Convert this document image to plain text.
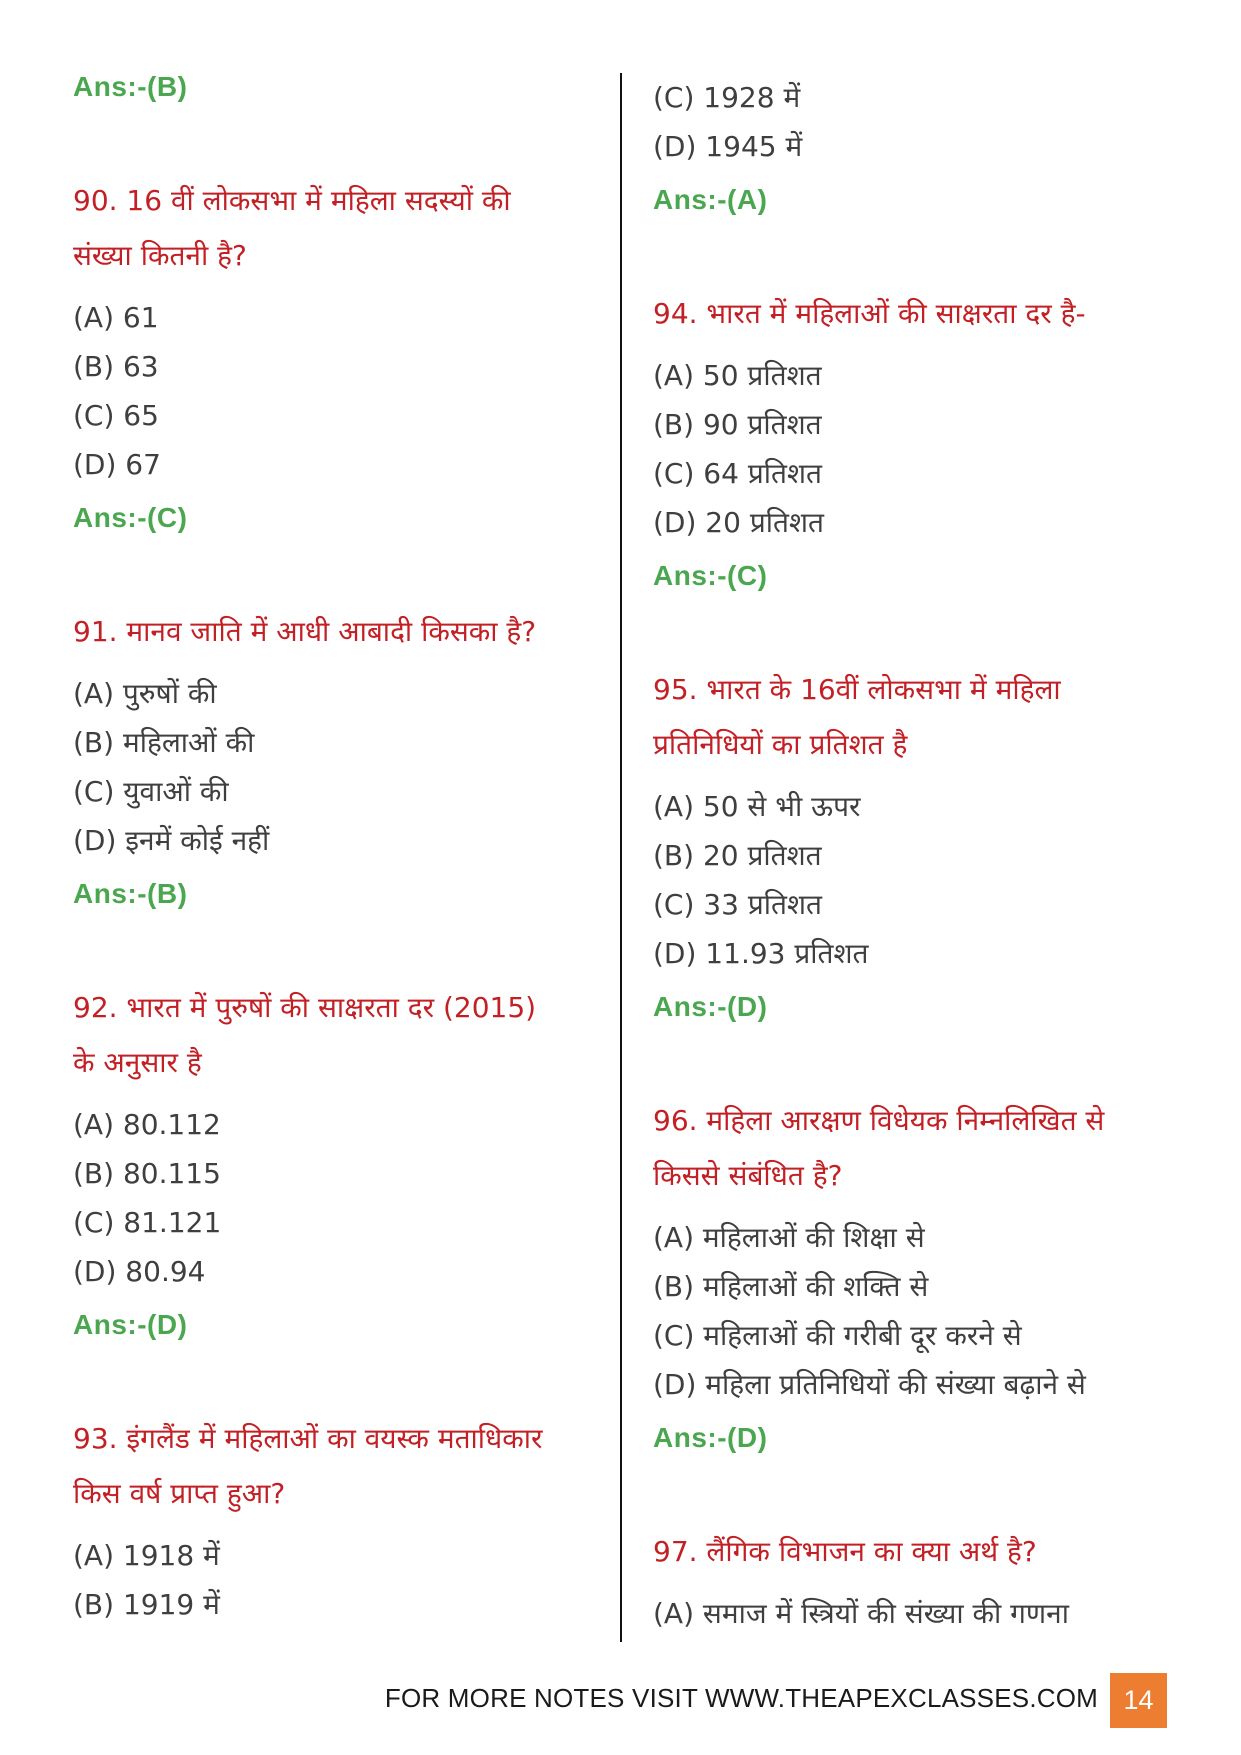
Ans:-(B)
90. 16 वीं लोकसभा में महिला सदस्यों की
संख्या कितनी है?
(A) 61
(B) 63
(C) 65
(D) 67
Ans:-(C)
91. मानव जाति में आधी आबादी किसका है?
(A) पुरुषों की
(B) महिलाओं की
(C) युवाओं की
(D) इनमें कोई नहीं
Ans:-(B)
92. भारत में पुरुषों की साक्षरता दर (2015)
के अनुसार है
(A) 80.112
(B) 80.115
(C) 81.121
(D) 80.94
Ans:-(D)
93. इंगलैंड में महिलाओं का वयस्क मताधिकार
किस वर्ष प्राप्त हुआ?
(A) 1918 में
(B) 1919 में
(C) 1928 में
(D) 1945 में
Ans:-(A)
94. भारत में महिलाओं की साक्षरता दर है-
(A) 50 प्रतिशत
(B) 90 प्रतिशत
(C) 64 प्रतिशत
(D) 20 प्रतिशत
Ans:-(C)
95. भारत के 16वीं लोकसभा में महिला
प्रतिनिधियों का प्रतिशत है
(A) 50 से भी ऊपर
(B) 20 प्रतिशत
(C) 33 प्रतिशत
(D) 11.93 प्रतिशत
Ans:-(D)
96. महिला आरक्षण विधेयक निम्नलिखित से
किससे संबंधित है?
(A) महिलाओं की शिक्षा से
(B) महिलाओं की शक्ति से
(C) महिलाओं की गरीबी दूर करने से
(D) महिला प्रतिनिधियों की संख्या बढ़ाने से
Ans:-(D)
97. लैंगिक विभाजन का क्या अर्थ है?
(A) समाज में स्त्रियों की संख्या की गणना
FOR MORE NOTES VISIT WWW.THEAPEXCLASSES.COM 14
